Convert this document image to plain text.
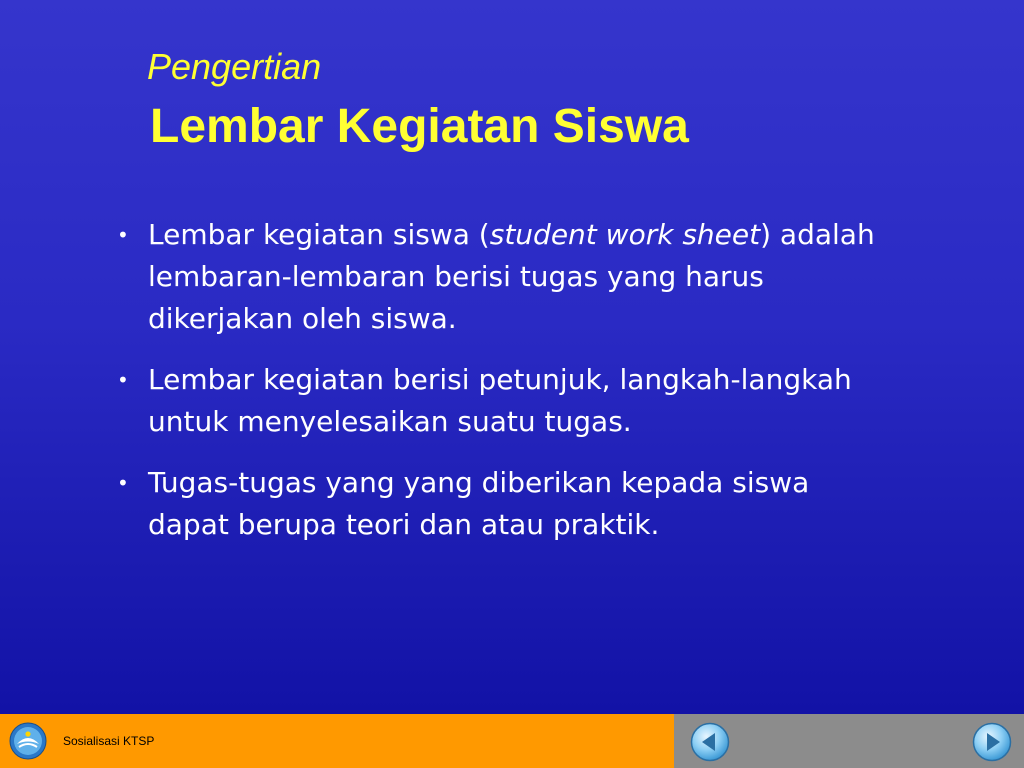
Pengertian
Lembar Kegiatan Siswa
• Lembar kegiatan siswa (student work sheet) adalah lembaran-lembaran berisi tugas yang harus dikerjakan oleh siswa.
• Lembar kegiatan berisi petunjuk, langkah-langkah untuk menyelesaikan suatu tugas.
• Tugas-tugas yang yang diberikan kepada siswa dapat berupa teori dan atau praktik.
Sosialisasi KTSP
